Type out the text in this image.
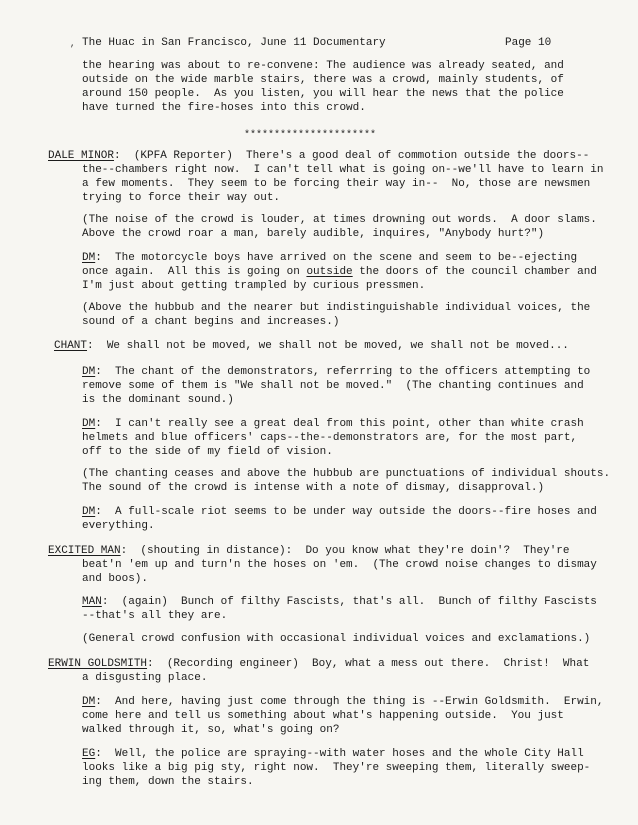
, The Huac in San Francisco, June 11 Documentary	Page 10
the hearing was about to re-convene: The audience was already seated, and
outside on the wide marble stairs, there was a crowd, mainly students, of
around 150 people.  As you listen, you will hear the news that the police
have turned the fire-hoses into this crowd.
**********************
DALE MINOR:  (KPFA Reporter)  There's a good deal of commotion outside the doors--
the--chambers right now.  I can't tell what is going on--we'll have to learn in
a few moments.  They seem to be forcing their way in--  No, those are newsmen
trying to force their way out.
(The noise of the crowd is louder, at times drowning out words.  A door slams.
Above the crowd roar a man, barely audible, inquires, "Anybody hurt?")
DM:  The motorcycle boys have arrived on the scene and seem to be--ejecting
once again.  All this is going on outside the doors of the council chamber and
I'm just about getting trampled by curious pressmen.
(Above the hubbub and the nearer but indistinguishable individual voices, the
sound of a chant begins and increases.)
CHANT:  We shall not be moved, we shall not be moved, we shall not be moved...
DM:  The chant of the demonstrators, referrring to the officers attempting to
remove some of them is "We shall not be moved."  (The chanting continues and
is the dominant sound.)
DM:  I can't really see a great deal from this point, other than white crash
helmets and blue officers' caps--the--demonstrators are, for the most part,
off to the side of my field of vision.
(The chanting ceases and above the hubbub are punctuations of individual shouts.
The sound of the crowd is intense with a note of dismay, disapproval.)
DM:  A full-scale riot seems to be under way outside the doors--fire hoses and
everything.
EXCITED MAN:  (shouting in distance):  Do you know what they're doin'?  They're
beat'n 'em up and turn'n the hoses on 'em.  (The crowd noise changes to dismay
and boos).
MAN:  (again)  Bunch of filthy Fascists, that's all.  Bunch of filthy Fascists
--that's all they are.
(General crowd confusion with occasional individual voices and exclamations.)
ERWIN GOLDSMITH:  (Recording engineer)  Boy, what a mess out there.  Christ!  What
a disgusting place.
DM:  And here, having just come through the thing is --Erwin Goldsmith.  Erwin,
come here and tell us something about what's happening outside.  You just
walked through it, so, what's going on?
EG:  Well, the police are spraying--with water hoses and the whole City Hall
looks like a big pig sty, right now.  They're sweeping them, literally sweep-
ing them, down the stairs.
